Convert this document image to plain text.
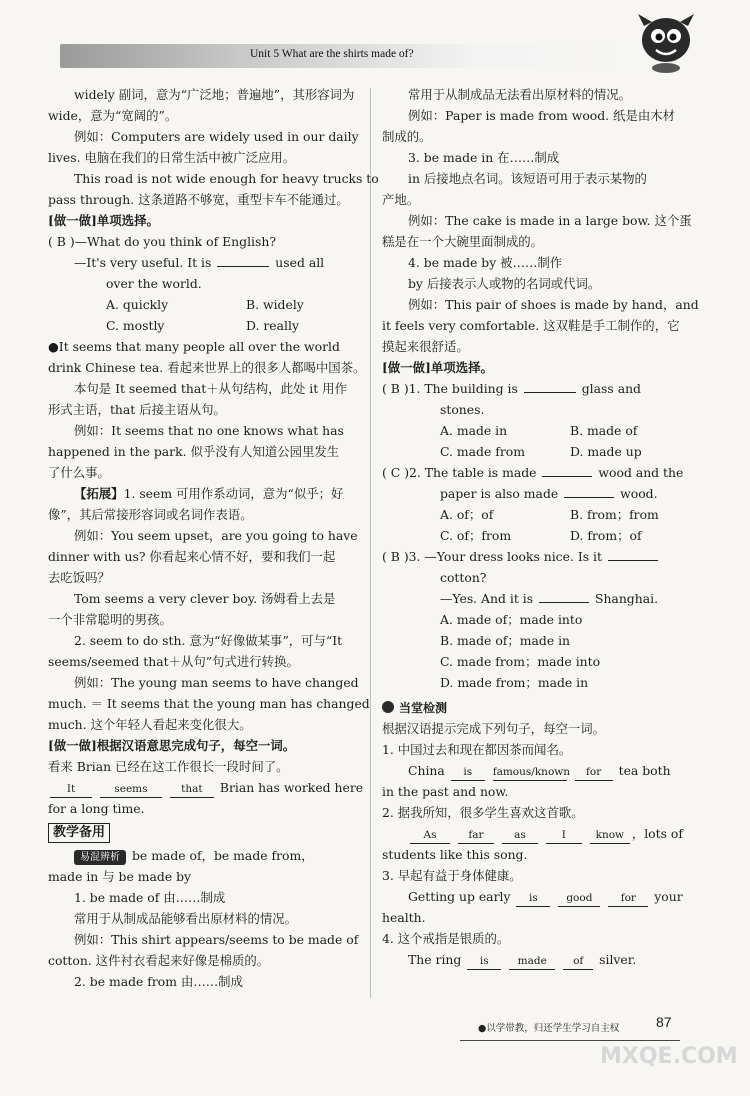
Unit 5 What are the shirts made of?
widely 副词，意为“广泛地；普遍地”，其形容词为
wide，意为“宽阔的”。
例如：Computers are widely used in our daily
lives. 电脑在我们的日常生活中被广泛应用。
This road is not wide enough for heavy trucks to
pass through. 这条道路不够宽，重型卡车不能通过。
[做一做]单项选择。
( B )—What do you think of English?
—It's very useful. It is	used all
over the world.
A. quickly	B. widely
C. mostly	D. really
●It seems that many people all over the world
drink Chinese tea. 看起来世界上的很多人都喝中国茶。
本句是 It seemed that＋从句结构，此处 it 用作
形式主语，that 后接主语从句。
例如：It seems that no one knows what has
happened in the park. 似乎没有人知道公园里发生
了什么事。
【拓展】1. seem 可用作系动词，意为“似乎；好
像”，其后常接形容词或名词作表语。
例如：You seem upset，are you going to have
dinner with us? 你看起来心情不好，要和我们一起
去吃饭吗？
Tom seems a very clever boy. 汤姆看上去是
一个非常聪明的男孩。
2. seem to do sth. 意为“好像做某事”，可与“It
seems/seemed that＋从句”句式进行转换。
例如：The young man seems to have changed
much. ＝ It seems that the young man has changed
much. 这个年轻人看起来变化很大。
[做一做]根据汉语意思完成句子，每空一词。
看来 Brian 已经在这工作很长一段时间了。
It	seems	that Brian has worked here
for a long time.
教学备用
易混辨析 be made of，be made from，
made in 与 be made by
1. be made of 由……制成
常用于从制成品能够看出原材料的情况。
例如：This shirt appears/seems to be made of
cotton. 这件衬衣看起来好像是棉质的。
2. be made from 由……制成
常用于从制成品无法看出原材料的情况。
例如：Paper is made from wood. 纸是由木材
制成的。
3. be made in 在……制成
in 后接地点名词。该短语可用于表示某物的
产地。
例如：The cake is made in a large bow. 这个蛋
糕是在一个大碗里面制成的。
4. be made by 被……制作
by 后接表示人或物的名词或代词。
例如：This pair of shoes is made by hand，and
it feels very comfortable. 这双鞋是手工制作的，它
摸起来很舒适。
[做一做]单项选择。
( B )1. The building is	glass and
stones.
A. made in	B. made of
C. made from	D. made up
( C )2. The table is made	wood and the
paper is also made	wood.
A. of；of	B. from；from
C. of；from	D. from；of
( B )3. —Your dress looks nice. Is it
cotton?
—Yes. And it is	Shanghai.
A. made of；made into
B. made of；made in
C. made from；made into
D. made from；made in
当堂检测
根据汉语提示完成下列句子，每空一词。
1. 中国过去和现在都因茶而闻名。
China is famous/known for tea both
in the past and now.
2. 据我所知，很多学生喜欢这首歌。
As	far	as	I	know ，lots of
students like this song.
3. 早起有益于身体健康。
Getting up early is	good	for your
health.
4. 这个戒指是银质的。
The ring is	made	of silver.
●以学带教，归还学生学习自主权	87
MXQE.COM
